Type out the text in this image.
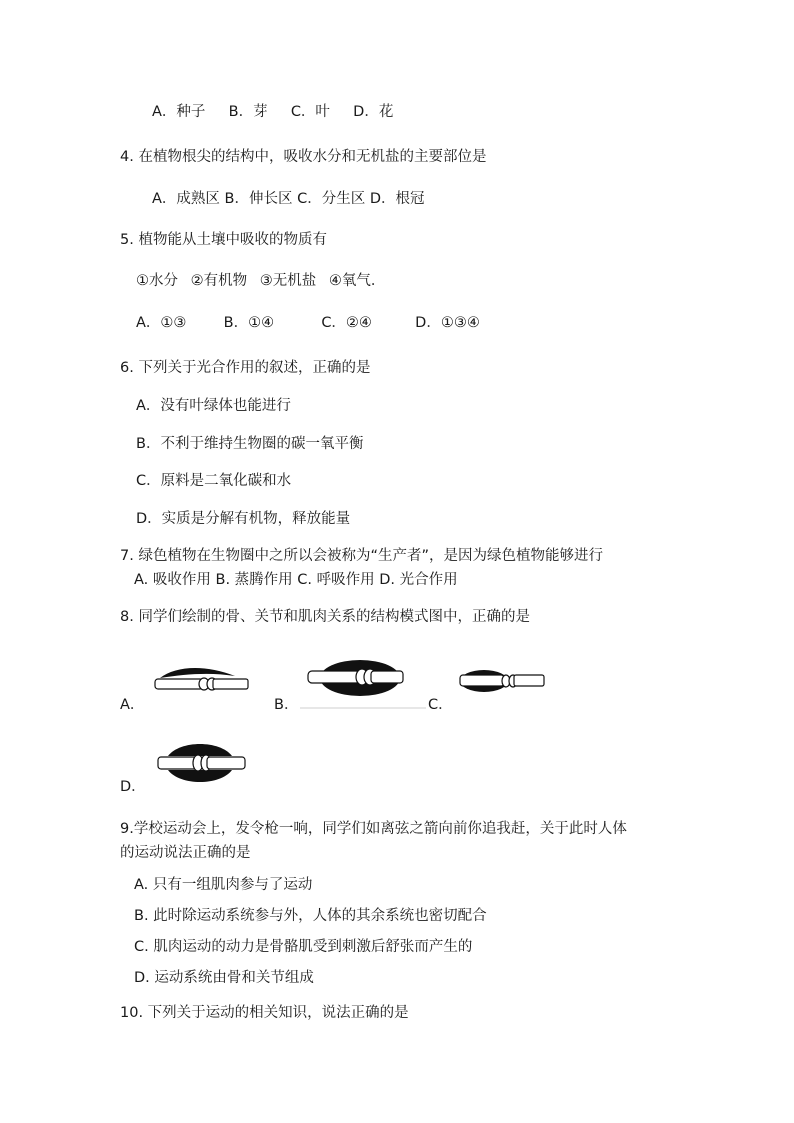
A．种子 B．芽 C．叶 D．花
4. 在植物根尖的结构中，吸收水分和无机盐的主要部位是
A．成熟区 B．伸长区 C．分生区 D．根冠
5. 植物能从土壤中吸收的物质有
①水分 ②有机物 ③无机盐 ④氧气．
A．①③	B．①④	C．②④	D．①③④
6. 下列关于光合作用的叙述，正确的是
A．没有叶绿体也能进行
B．不利于维持生物圈的碳一氧平衡
C．原料是二氧化碳和水
D．实质是分解有机物，释放能量
7. 绿色植物在生物圈中之所以会被称为“生产者”，是因为绿色植物能够进行
A. 吸收作用 B. 蒸腾作用 C. 呼吸作用 D. 光合作用
8. 同学们绘制的骨、关节和肌肉关系的结构模式图中，正确的是
A．	B．	C．
D．
9.学校运动会上，发令枪一响，同学们如离弦之箭向前你追我赶，关于此时人体
的运动说法正确的是
A. 只有一组肌肉参与了运动
B. 此时除运动系统参与外，人体的其余系统也密切配合
C. 肌肉运动的动力是骨骼肌受到刺激后舒张而产生的
D. 运动系统由骨和关节组成
10. 下列关于运动的相关知识，说法正确的是
